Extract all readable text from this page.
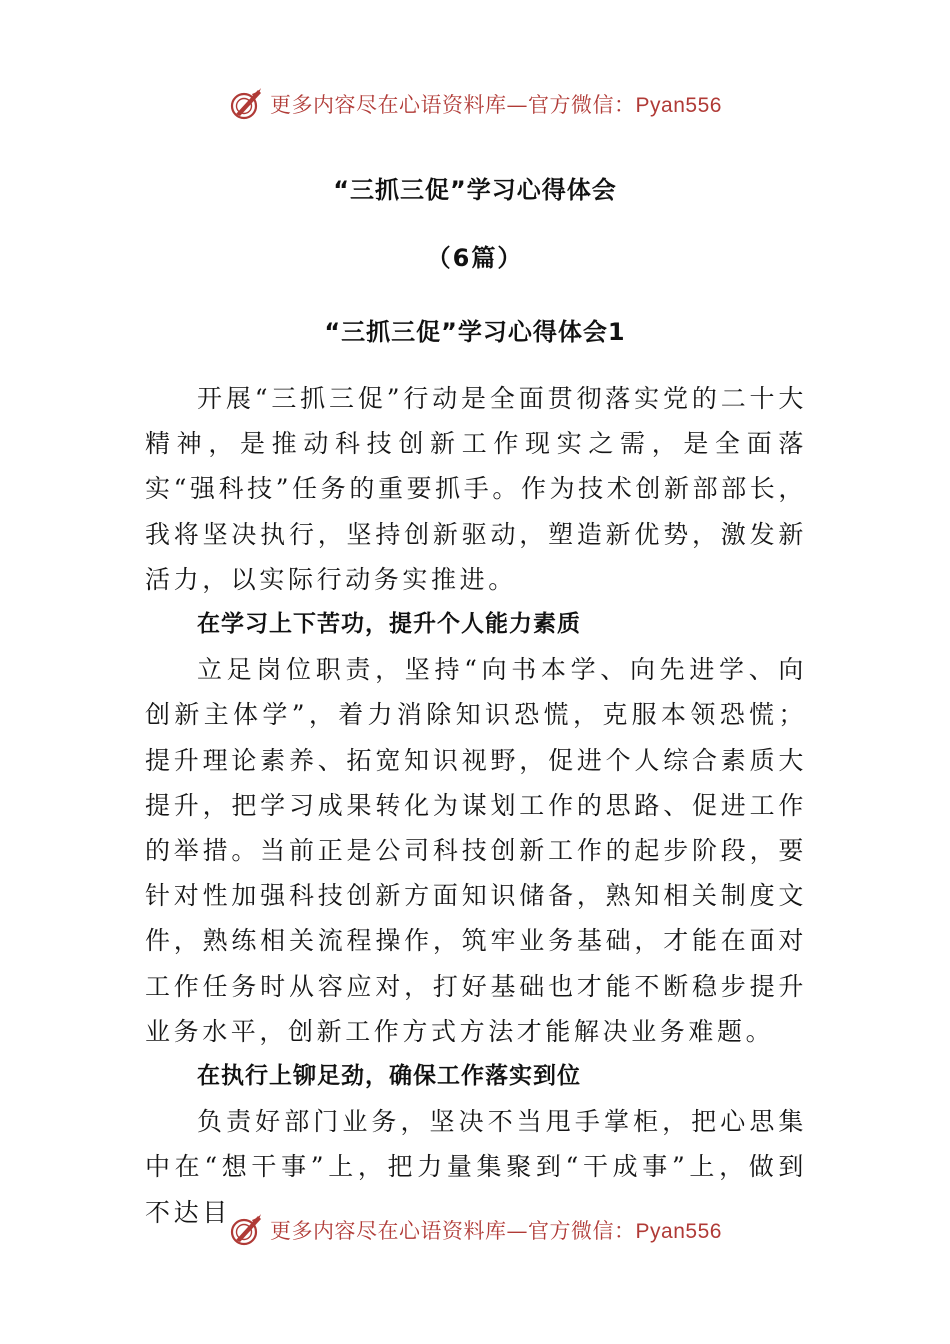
更多内容尽在心语资料库—官方微信：Pyan556
“三抓三促”学习心得体会
（6篇）
“三抓三促”学习心得体会1

开展“三抓三促”行动是全面贯彻落实党的二十大精神，是推动科技创新工作现实之需，是全面落实“强科技”任务的重要抓手。作为技术创新部部长，我将坚决执行，坚持创新驱动，塑造新优势，激发新活力，以实际行动务实推进。

在学习上下苦功，提升个人能力素质

立足岗位职责，坚持“向书本学、向先进学、向创新主体学”，着力消除知识恐慌，克服本领恐慌；提升理论素养、拓宽知识视野，促进个人综合素质大提升，把学习成果转化为谋划工作的思路、促进工作的举措。当前正是公司科技创新工作的起步阶段，要针对性加强科技创新方面知识储备，熟知相关制度文件，熟练相关流程操作，筑牢业务基础，才能在面对工作任务时从容应对，打好基础也才能不断稳步提升业务水平，创新工作方式方法才能解决业务难题。

在执行上铆足劲，确保工作落实到位

负责好部门业务，坚决不当甩手掌柜，把心思集中在“想干事”上，把力量集聚到“干成事”上，做到不达目

更多内容尽在心语资料库—官方微信：Pyan556
